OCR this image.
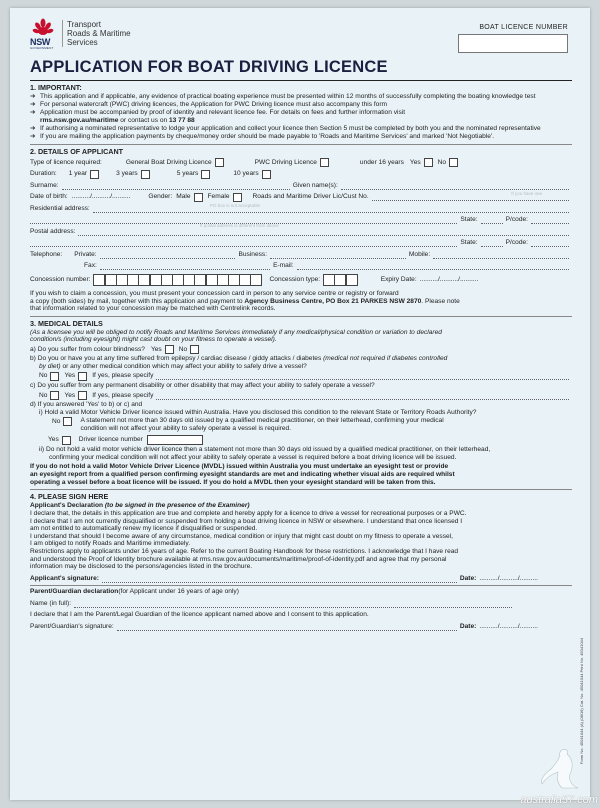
NSW
GOVERNMENT
Transport
Roads & Maritime
Services
BOAT LICENCE NUMBER
APPLICATION FOR BOAT DRIVING LICENCE
1. IMPORTANT:
➔ This application and if applicable, any evidence of practical boating experience must be presented within 12 months of successfully completing the boating knowledge test
➔ For personal watercraft (PWC) driving licences, the Application for PWC Driving licence must also accompany this form
➔ Application must be accompanied by proof of identity and relevant licence fee. For details on fees and further information visit
rms.nsw.gov.au/maritime or contact us on 13 77 88
➔ If authorising a nominated representative to lodge your application and collect your licence then Section 5 must be completed by both you and the nominated representative
➔ If you are mailing the application payments by cheque/money order should be made payable to 'Roads and Maritime Services' and marked 'Not Negotiable'.
2. DETAILS OF APPLICANT
Type of licence required:	General Boat Driving Licence	PWC Driving Licence	under 16 years Yes	No
Duration: 1 year	3 years	5 years	10 years
Surname:	Given name(s):
Date of birth: ........../........../..........	Gender: Male	Female	Roads and Maritime Driver Lic/Cust No.
If you have one
Residential address:	PO box is not acceptable
State:	P/code:
Postal address:
If postal address is different from above
State:	P/code:
Telephone: Private:	Business:	Mobile:
Fax:	E-mail:
Concession number:	Concession type:	Expiry Date: ........../........../..........
If you wish to claim a concession, you must present your concession card in person to any service centre or registry or forward
a copy (both sides) by mail, together with this application and payment to Agency Business Centre, PO Box 21 PARKES NSW 2870. Please note
that information related to your concession may be matched with Centrelink records.
3. MEDICAL DETAILS
(As a licensee you will be obliged to notify Roads and Maritime Services immediately if any medical/physical condition or variation to declared
condition/s (including eyesight) might cast doubt on your fitness to operate a vessel).
a) Do you suffer from colour blindness? Yes	No
b) Do you or have you at any time suffered from epilepsy / cardiac disease / giddy attacks / diabetes (medical not required if diabetes controlled
by diet) or any other medical condition which may affect your ability to safely drive a vessel?
No	Yes	If yes, please specify
c) Do you suffer from any permanent disability or other disability that may affect your ability to safely operate a vessel?
No	Yes	If yes, please specify
d) If you answered 'Yes' to b) or c) and
i) Hold a valid Motor Vehicle Driver licence issued within Australia. Have you disclosed this condition to the relevant State or Territory Roads Authority?
No	A statement not more than 30 days old issued by a qualified medical practitioner, on their letterhead, confirming your medical
condition will not affect your ability to safely operate a vessel is required.
Yes	Driver licence number
ii) Do not hold a valid motor vehicle driver licence then a statement not more than 30 days old issued by a qualified medical practitioner, on their letterhead,
confirming your medical condition will not affect your ability to safely operate a vessel is required before a boat driving licence will be issued.
If you do not hold a valid Motor Vehicle Driver Licence (MVDL) issued within Australia you must undertake an eyesight test or provide
an eyesight report from a qualified person confirming eyesight standards are met and indicating whether visual aids are required whilst
operating a vessel before a boat licence will be issued. If you do hold a MVDL then your eyesight standard will be taken from this.
4. PLEASE SIGN HERE
Applicant's Declaration (to be signed in the presence of the Examiner)
I declare that, the details in this application are true and complete and hereby apply for a licence to drive a vessel for recreational purposes or a PWC.
I declare that I am not currently disqualified or suspended from holding a boat driving licence in NSW or elsewhere. I understand that once licensed I
am not entitled to automatically renew my licence if disqualified or suspended.
I understand that should I become aware of any circumstance, medical condition or injury that might cast doubt on my fitness to operate a vessel,
I am obliged to notify Roads and Maritime immediately.
Restrictions apply to applicants under 16 years of age. Refer to the current Boating Handbook for these restrictions. I acknowledge that I have read
and understood the Proof of Identity brochure available at rms.nsw.gov.au/documents/maritime/proof-of-identity.pdf and agree that my personal
information may be disclosed to the persons/agencies listed in the brochure.
Applicant's signature:	Date: ........../........../..........
Parent/Guardian declaration (for Applicant under 16 years of age only)
Name (in full):
I declare that I am the Parent/Legal Guardian of the licence applicant named above and I consent to this application.
Parent/Guardian's signature:	Date: ........../........../..........
Form No. 45041044 (A) (08/16) Cat. No. 45041044 Print No. 45041044
australia57.com
